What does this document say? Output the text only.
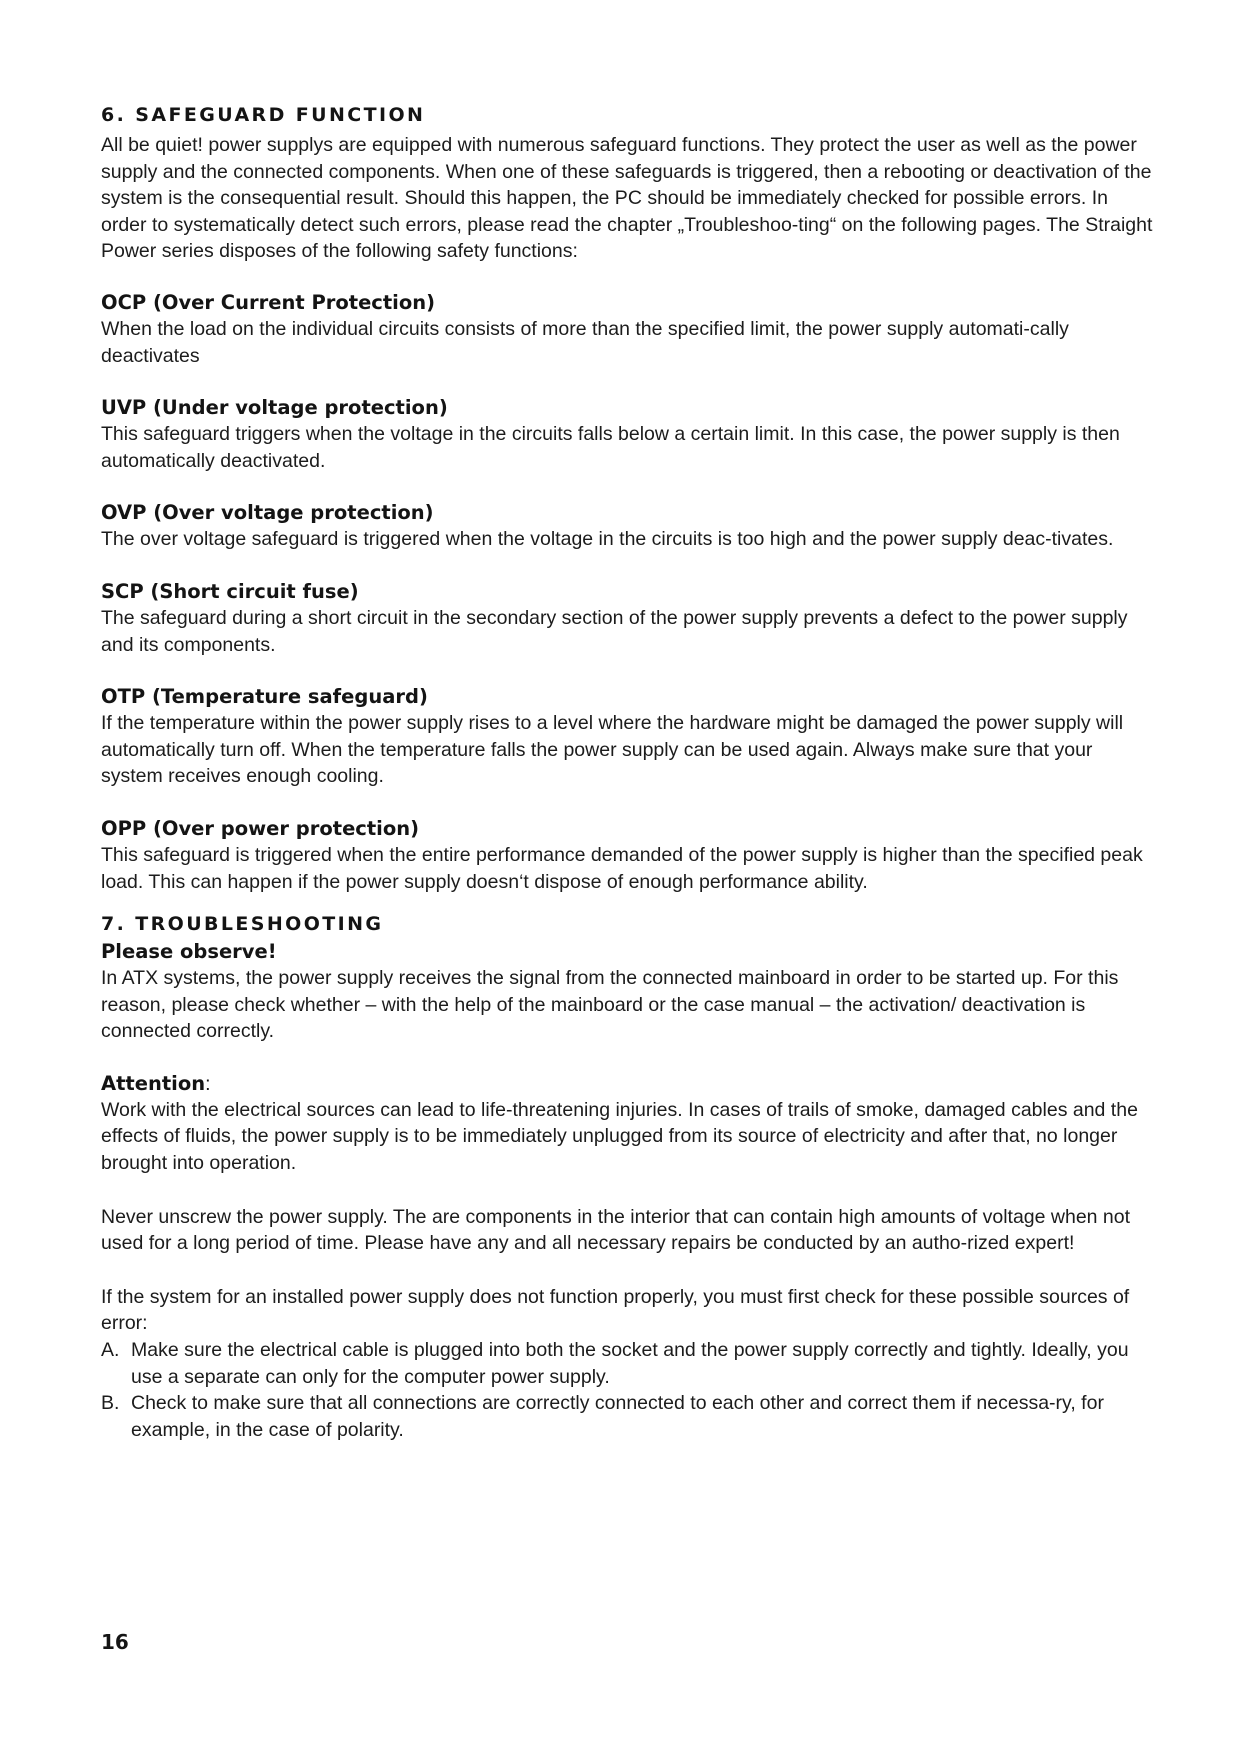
6. SAFEGUARD FUNCTION

All be quiet! power supplys are equipped with numerous safeguard functions. They protect the user as well as the power supply and the connected components. When one of these safeguards is triggered, then a rebooting or deactivation of the system is the consequential result. Should this happen, the PC should be immediately checked for possible errors. In order to systematically detect such errors, please read the chapter „Troubleshoo-ting“ on the following pages. The Straight Power series disposes of the following safety functions:

OCP (Over Current Protection)

When the load on the individual circuits consists of more than the specified limit, the power supply automati-cally deactivates

UVP (Under voltage protection)

This safeguard triggers when the voltage in the circuits falls below a certain limit. In this case, the power supply is then automatically deactivated.

OVP (Over voltage protection)

The over voltage safeguard is triggered when the voltage in the circuits is too high and the power supply deac-tivates.

SCP (Short circuit fuse)

The safeguard during a short circuit in the secondary section of the power supply prevents a defect to the power supply and its components.

OTP (Temperature safeguard)

If the temperature within the power supply rises to a level where the hardware might be damaged the power supply will automatically turn off. When the temperature falls the power supply can be used again. Always make sure that your system receives enough cooling.

OPP (Over power protection)

This safeguard is triggered when the entire performance demanded of the power supply is higher than the specified peak load. This can happen if the power supply doesn‘t dispose of enough performance ability.

7. TROUBLESHOOTING
Please observe!

In ATX systems, the power supply receives the signal from the connected mainboard in order to be started up. For this reason, please check whether – with the help of the mainboard or the case manual – the activation/ deactivation is connected correctly.

Attention:

Work with the electrical sources can lead to life-threatening injuries. In cases of trails of smoke, damaged cables and the effects of fluids, the power supply is to be immediately unplugged from its source of electricity and after that, no longer brought into operation.

Never unscrew the power supply. The are components in the interior that can contain high amounts of voltage when not used for a long period of time. Please have any and all necessary repairs be conducted by an autho-rized expert!

If the system for an installed power supply does not function properly, you must first check for these possible sources of error:

A. Make sure the electrical cable is plugged into both the socket and the power supply correctly and tightly. Ideally, you use a separate can only for the computer power supply.
B. Check to make sure that all connections are correctly connected to each other and correct them if necessa-ry, for example, in the case of polarity.
16
